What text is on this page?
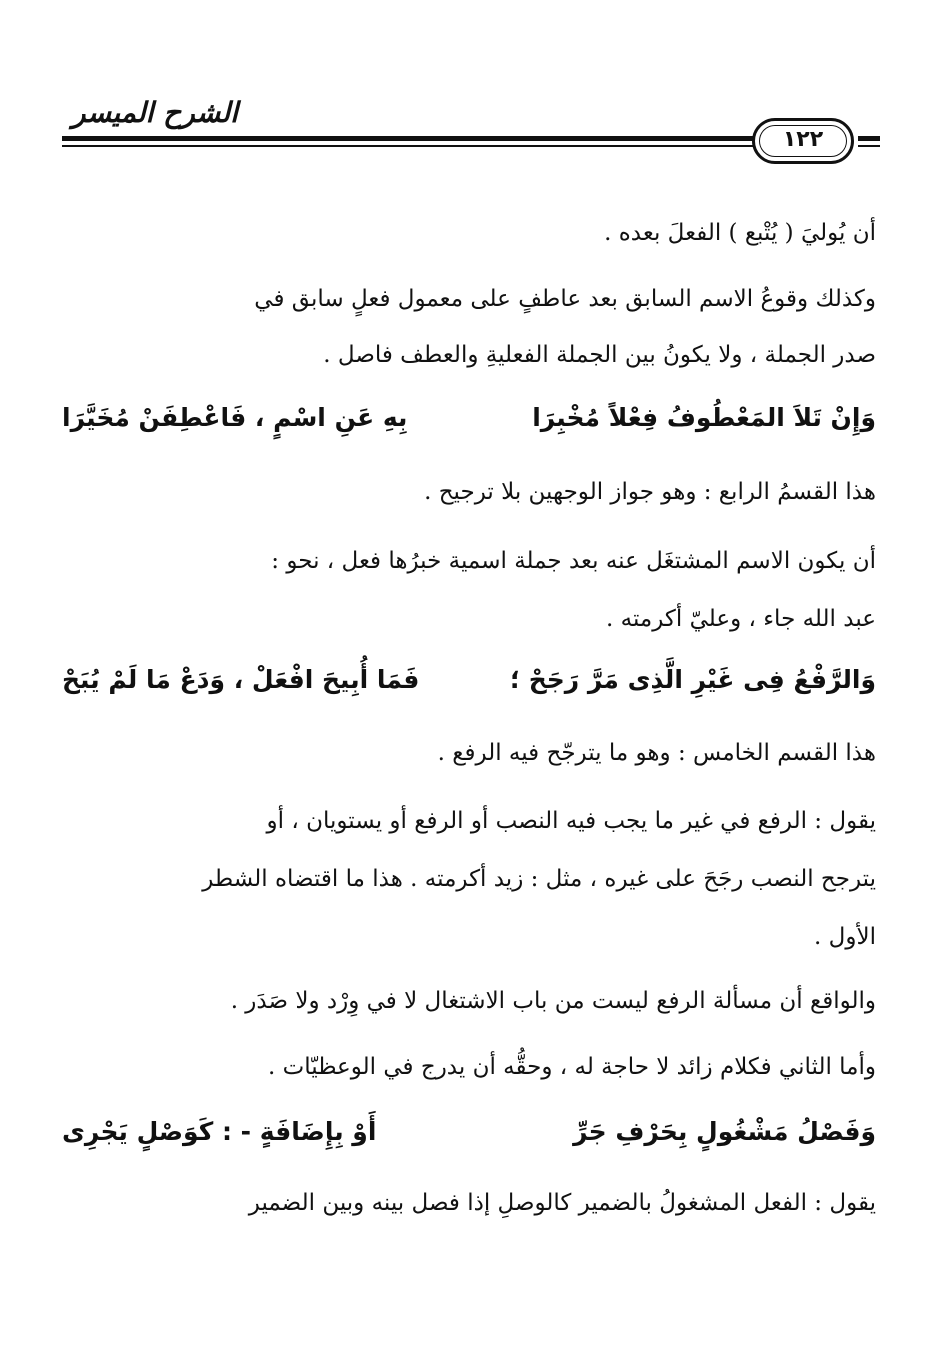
الشرح الميسر
١٢٢
أن يُوليَ ( يُتْبع ) الفعلَ بعده .
وكذلك وقوعُ الاسم السابق بعد عاطفٍ على معمول فعلٍ سابق في
صدر الجملة ، ولا يكونُ بين الجملة الفعليةِ والعطف فاصل .
وَإِنْ تَلاَ المَعْطُوفُ فِعْلاً مُخْبِرَا
بِهِ عَنِ اسْمٍ ، فَاعْطِفَنْ مُخَيَّرَا
هذا القسمُ الرابع : وهو جواز الوجهين بلا ترجيح .
أن يكون الاسم المشتغَل عنه بعد جملة اسمية خبرُها فعل ، نحو :
عبد الله جاء ، وعليّ أكرمته .
وَالرَّفْعُ فِى غَيْرِ الَّذِى مَرَّ رَجَحْ ؛
فَمَا أُبِيحَ افْعَلْ ، وَدَعْ مَا لَمْ يُبَحْ
هذا القسم الخامس : وهو ما يترجّح فيه الرفع .
يقول : الرفع في غير ما يجب فيه النصب أو الرفع أو يستويان ، أو
يترجح النصب رجَحَ على غيره ، مثل : زيد أكرمته . هذا ما اقتضاه الشطر
الأول .
والواقع أن مسألة الرفع ليست من باب الاشتغال لا في وِرْد ولا صَدَر .
وأما الثاني فكلام زائد لا حاجة له ، وحقُّه أن يدرج في الوعظيّات .
وَفَصْلُ مَشْغُولٍ بِحَرْفِ جَرِّ
أَوْ بِإِضَافَةٍ - : كَوَصْلٍ يَجْرِى
يقول : الفعل المشغولُ بالضمير كالوصلِ إذا فصل بينه وبين الضمير
